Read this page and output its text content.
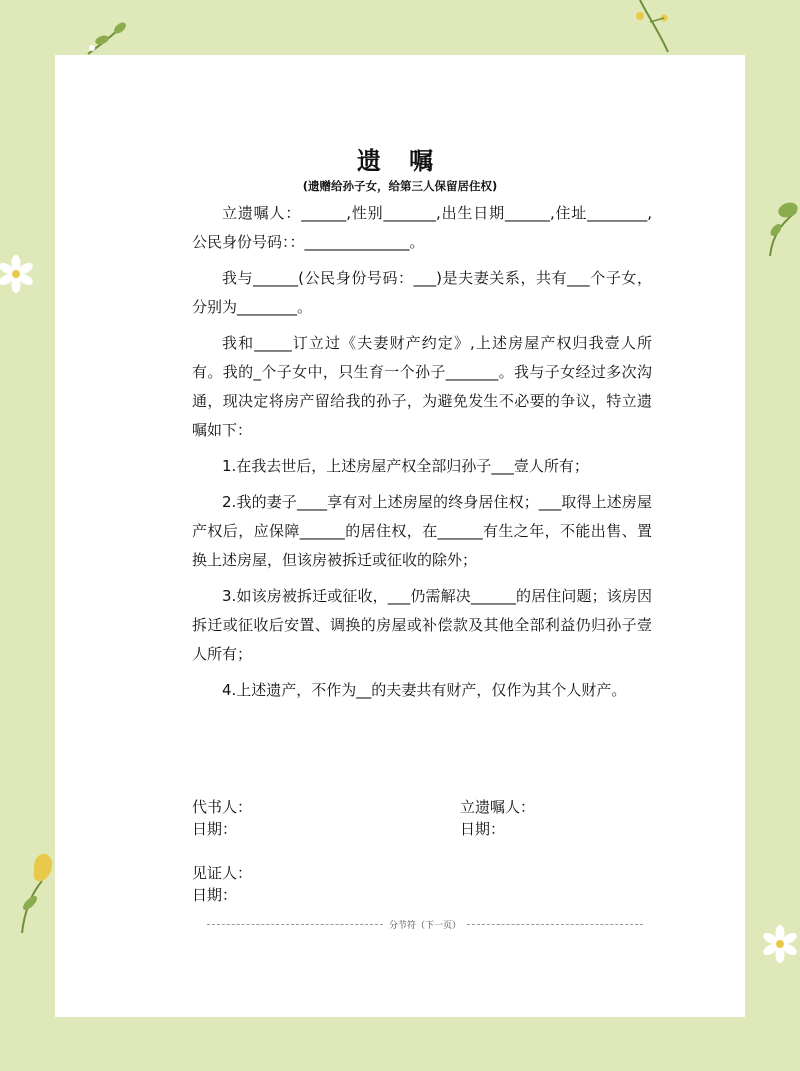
遗 嘱
(遗赠给孙子女，给第三人保留居住权)

立遗嘱人：______,性别_______,出生日期______,住址________,公民身份号码：：______________。

我与______(公民身份号码：___)是夫妻关系，共有___个子女，分别为________。

我和_____订立过《夫妻财产约定》,上述房屋产权归我壹人所有。我的_个子女中，只生育一个孙子_______。我与子女经过多次沟通，现决定将房产留给我的孙子，为避免发生不必要的争议，特立遗嘱如下：

1.在我去世后，上述房屋产权全部归孙子___壹人所有；

2.我的妻子____享有对上述房屋的终身居住权；___取得上述房屋产权后，应保障______的居住权，在______有生之年，不能出售、置换上述房屋，但该房被拆迁或征收的除外；

3.如该房被拆迁或征收，___仍需解决______的居住问题；该房因拆迁或征收后安置、调换的房屋或补偿款及其他全部利益仍归孙子壹人所有；

4.上述遗产，不作为__的夫妻共有财产，仅作为其个人财产。

代书人：
日期：
立遗嘱人：
日期：
见证人：
日期：
分节符（下一页）
